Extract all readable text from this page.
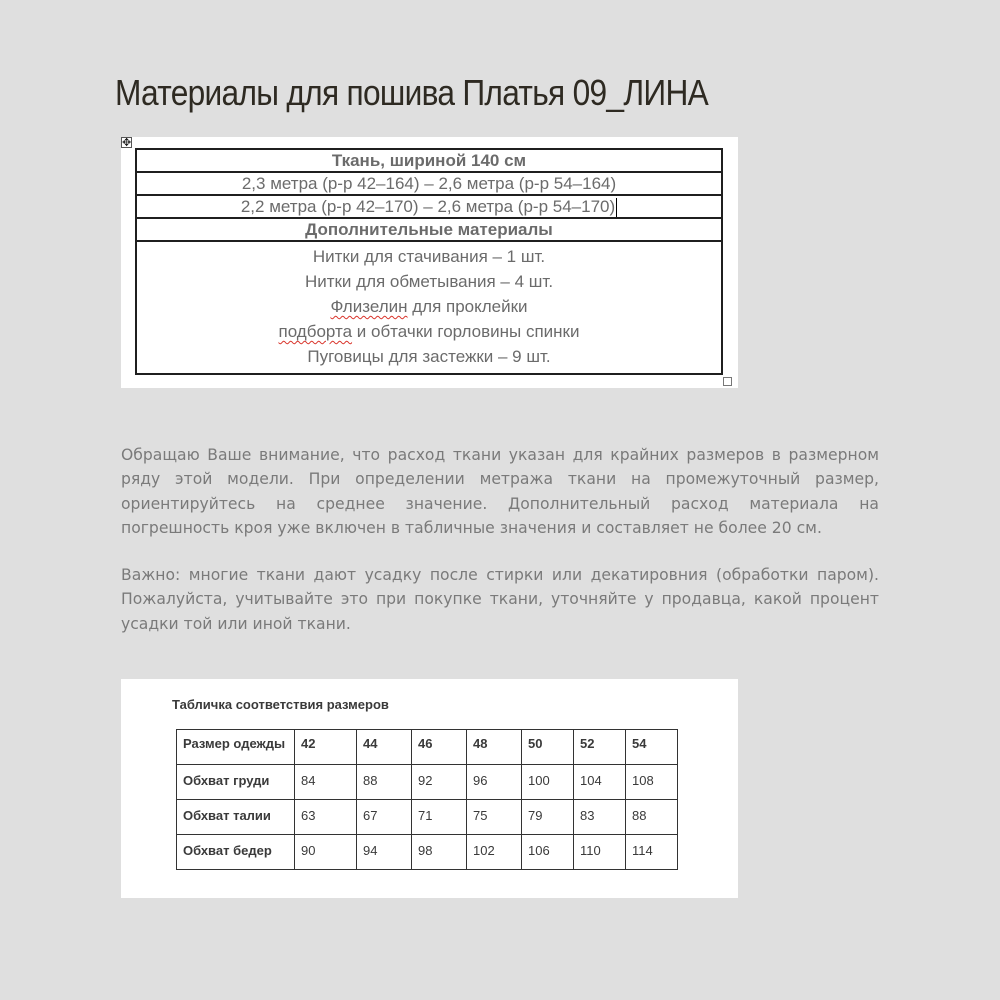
Материалы для пошива Платья 09_ЛИНА
✥
Ткань, шириной 140 см
2,3 метра (р-р 42–164) – 2,6 метра (р-р 54–164)
2,2 метра (р-р 42–170) – 2,6 метра (р-р 54–170)
Дополнительные материалы

Нитки для стачивания – 1 шт.
Нитки для обметывания – 4 шт.
Флизелин для проклейки
подборта и обтачки горловины спинки
Пуговицы для застежки – 9 шт.

Обращаю Ваше внимание, что расход ткани указан для крайних размеров в размерном ряду этой модели. При определении метража ткани на промежуточный размер, ориентируйтесь на среднее значение. Дополнительный расход материала на погрешность кроя уже включен в табличные значения и составляет не более 20 см.

Важно: многие ткани дают усадку после стирки или декатировния (обработки паром). Пожалуйста, учитывайте это при покупке ткани, уточняйте у продавца, какой процент усадки той или иной ткани.

Табличка соответствия размеров
Размер одежды	42	44	46	48	50	52	54
Обхват груди	84	88	92	96	100	104	108
Обхват талии	63	67	71	75	79	83	88
Обхват бедер	90	94	98	102	106	110	114
